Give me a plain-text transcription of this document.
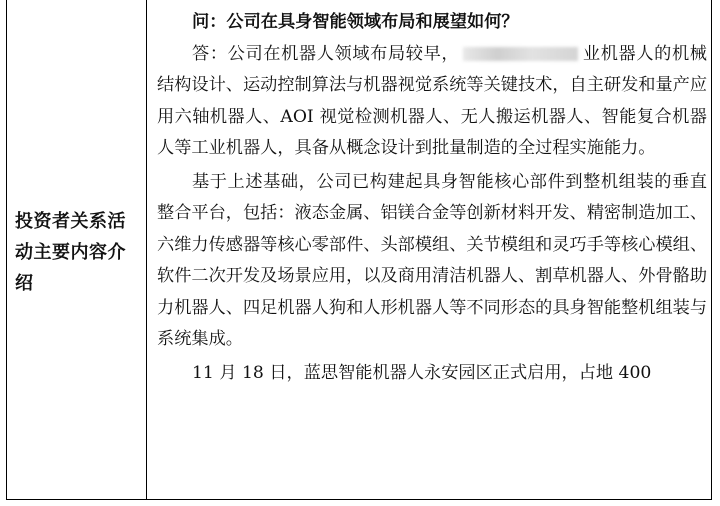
投资者关系活动主要内容介绍

问：公司在具身智能领域布局和展望如何？

答：公司在机器人领域布局较早，	业机器人的机械结构设计、运动控制算法与机器视觉系统等关键技术，自主研发和量产应用六轴机器人、AOI 视觉检测机器人、无人搬运机器人、智能复合机器人等工业机器人，具备从概念设计到批量制造的全过程实施能力。

基于上述基础，公司已构建起具身智能核心部件到整机组装的垂直整合平台，包括：液态金属、铝镁合金等创新材料开发、精密制造加工、六维力传感器等核心零部件、头部模组、关节模组和灵巧手等核心模组、软件二次开发及场景应用，以及商用清洁机器人、割草机器人、外骨骼助力机器人、四足机器人狗和人形机器人等不同形态的具身智能整机组装与系统集成。

11 月 18 日，蓝思智能机器人永安园区正式启用，占地 400
